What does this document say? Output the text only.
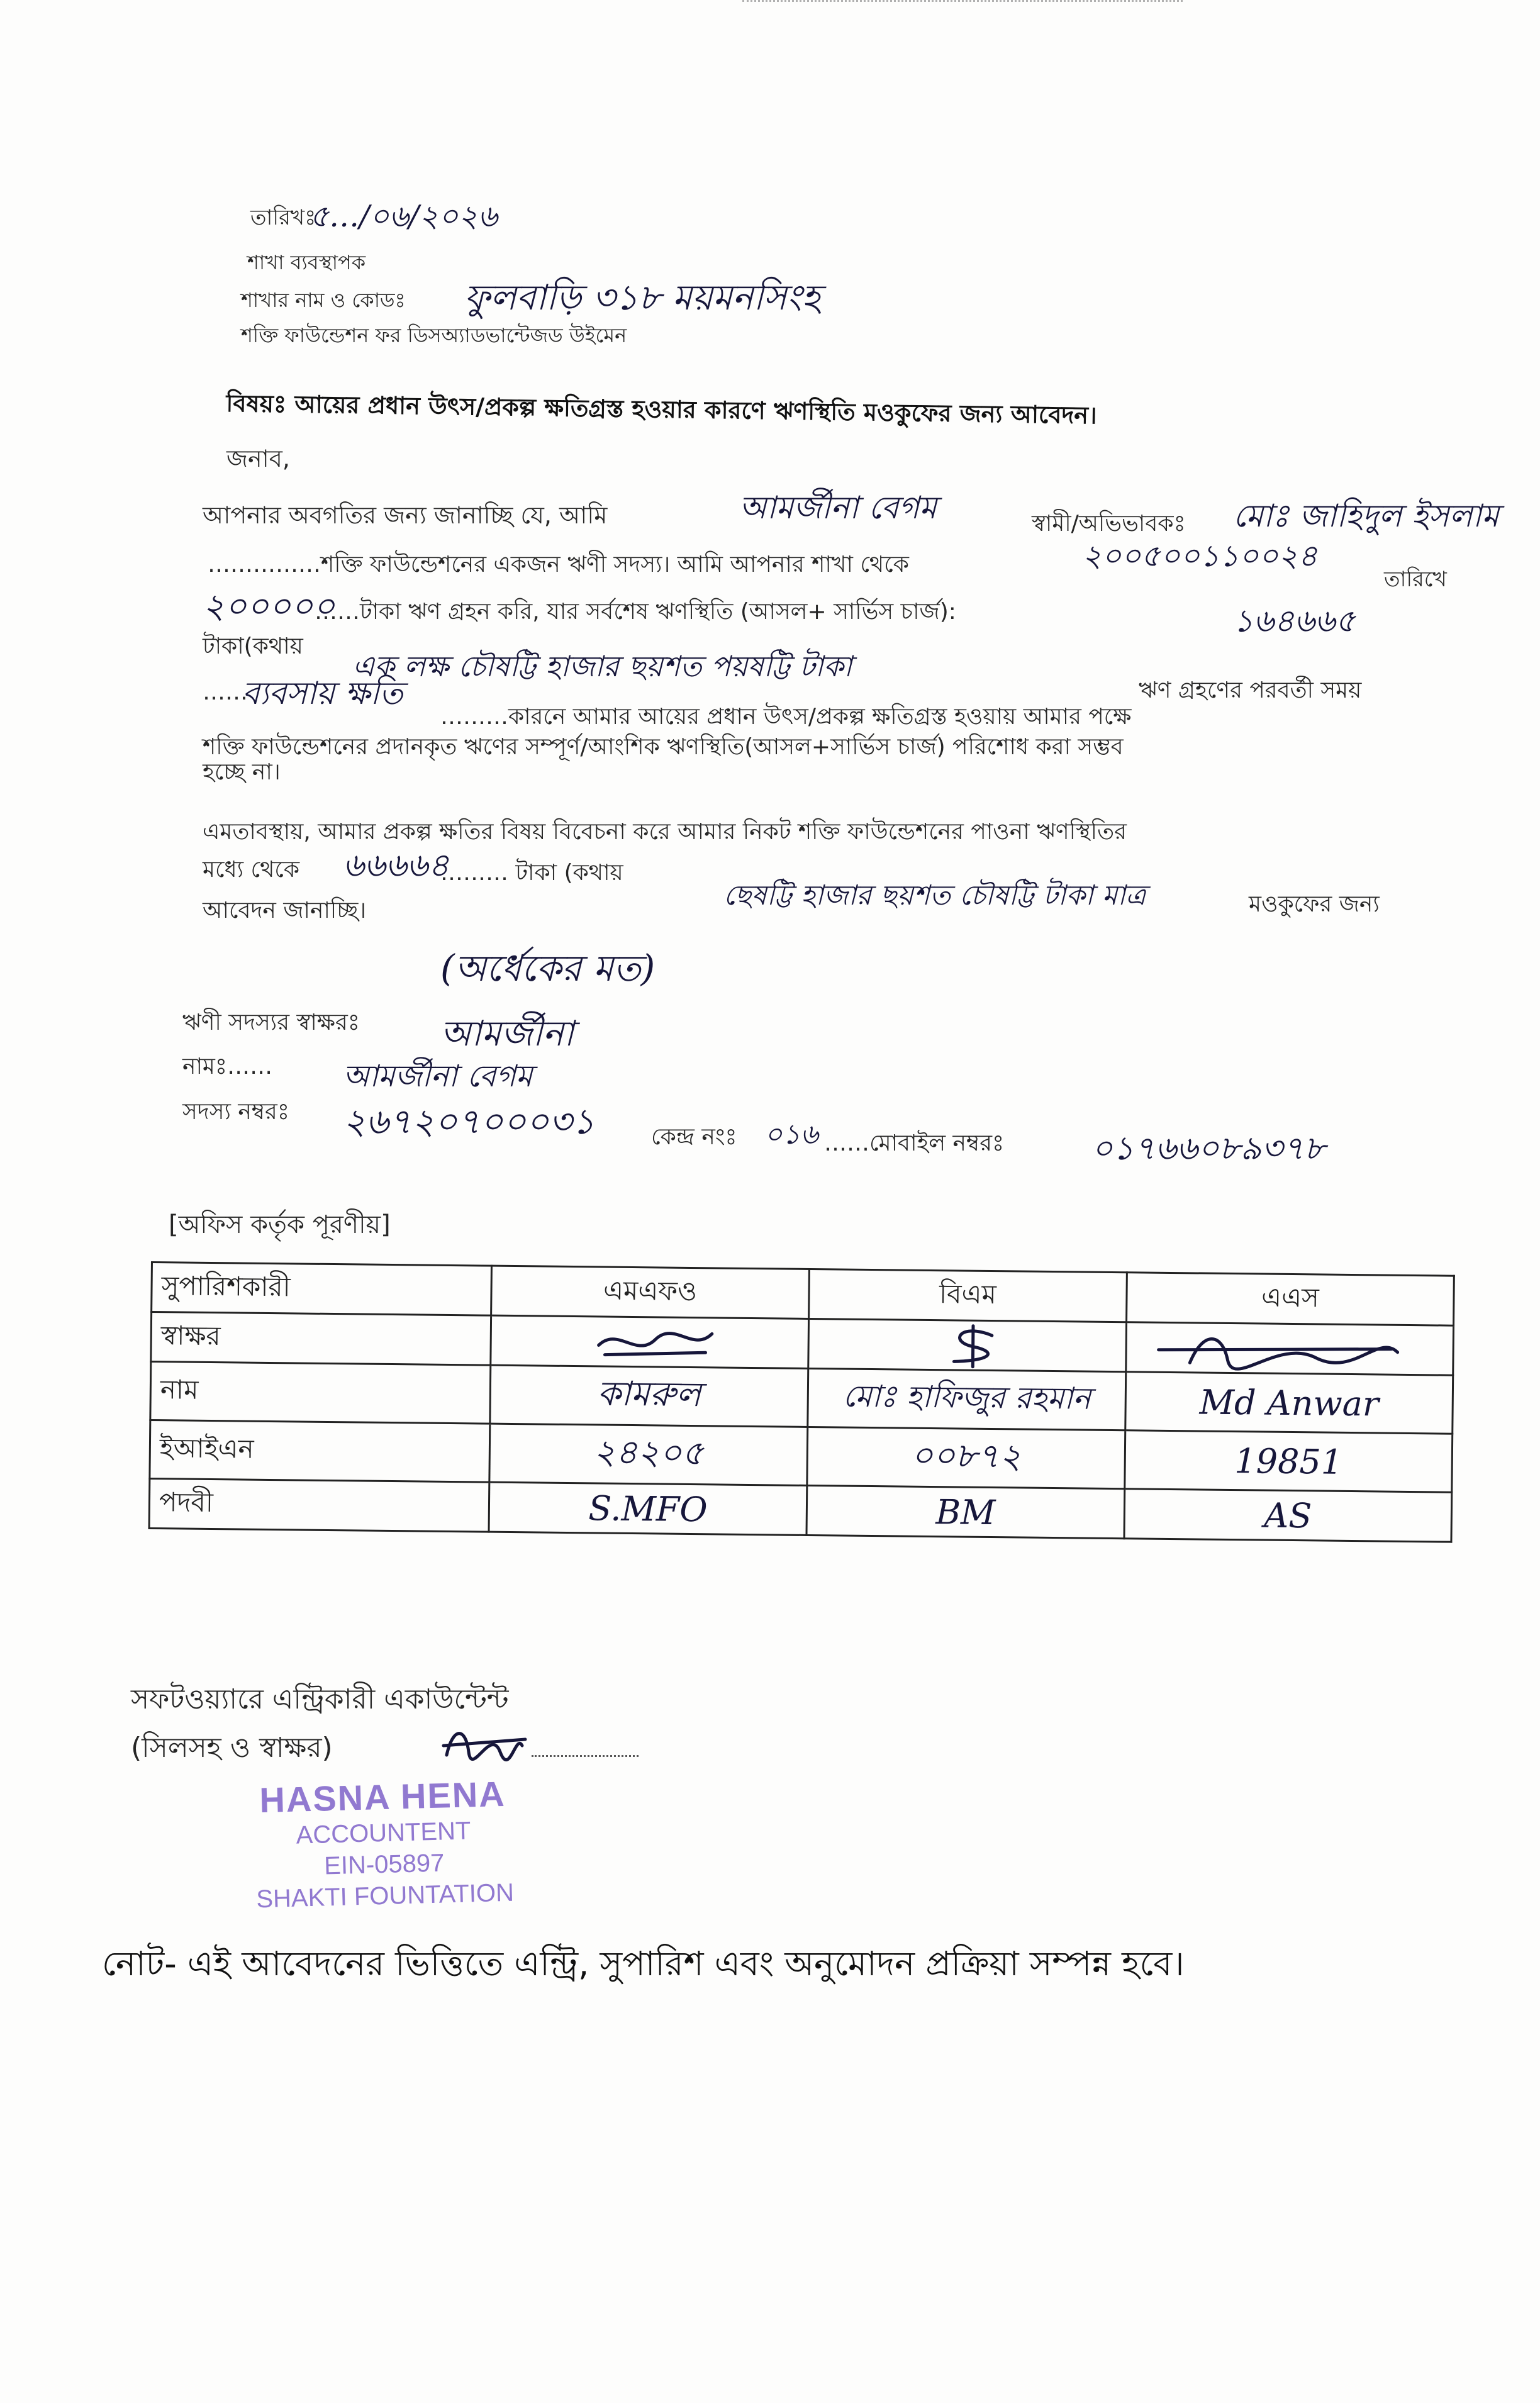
তারিখঃ
৫…/০৬/২০২৬
শাখা ব্যবস্থাপক
শাখার নাম ও কোডঃ ফুলবাড়ি ৩১৮ ময়মনসিংহ
শক্তি ফাউন্ডেশন ফর ডিসঅ্যাডভান্টেজড উইমেন
বিষয়ঃ আয়ের প্রধান উৎস/প্রকল্প ক্ষতিগ্রস্ত হওয়ার কারণে ঋণস্থিতি মওকুফের জন্য আবেদন।
জনাব,
আপনার অবগতির জন্য জানাচ্ছি যে, আমি	আমর্জীনা বেগম	স্বামী/অভিভাবকঃ মোঃ জাহিদুল ইসলাম
……………শক্তি ফাউন্ডেশনের একজন ঋণী সদস্য। আমি আপনার শাখা থেকে	২০০৫০০১১০০২৪
তারিখে
২০০০০০
……টাকা ঋণ গ্রহন করি, যার সর্বশেষ ঋণস্থিতি (আসল+ সার্ভিস চার্জ):	১৬৪৬৬৫
টাকা(কথায়
এক লক্ষ চৌষট্টি হাজার ছয়শত পয়ষট্টি টাকা
ঋণ গ্রহণের পরবর্তী সময়
……
ব্যবসায় ক্ষতি
………কারনে আমার আয়ের প্রধান উৎস/প্রকল্প ক্ষতিগ্রস্ত হওয়ায় আমার পক্ষে
শক্তি ফাউন্ডেশনের প্রদানকৃত ঋণের সম্পূর্ণ/আংশিক ঋণস্থিতি(আসল+সার্ভিস চার্জ) পরিশোধ করা সম্ভব
হচ্ছে না।
এমতাবস্থায়, আমার প্রকল্প ক্ষতির বিষয় বিবেচনা করে আমার নিকট শক্তি ফাউন্ডেশনের পাওনা ঋণস্থিতির
মধ্যে থেকে ৬৬৬৬৪
……… টাকা (কথায়
ছেষট্টি হাজার ছয়শত চৌষট্টি টাকা মাত্র	মওকুফের জন্য
আবেদন জানাচ্ছি।
(অর্ধেকের মত)
ঋণী সদস্যর স্বাক্ষরঃ আমর্জীনা
নামঃ…… আমর্জীনা বেগম
সদস্য নম্বরঃ ২৬৭২০৭০০০৩১ কেন্দ্র নংঃ ০১৬ ……মোবাইল নম্বরঃ	০১৭৬৬০৮৯৩৭৮
[অফিস কর্তৃক পূরণীয়]
সুপারিশকারী	এমএফও	বিএম	এএস
স্বাক্ষর	

নাম	কামরুল	মোঃ হাফিজুর রহমান	Md Anwar
ইআইএন	২৪২০৫	০০৮৭২	19851
পদবী	S.MFO	BM	AS
সফটওয়্যারে এন্ট্রিকারী একাউন্টেন্ট
(সিলসহ ও স্বাক্ষর)
HASNA HENA
ACCOUNTENT
EIN-05897
SHAKTI FOUNTATION
নোট- এই আবেদনের ভিত্তিতে এন্ট্রি, সুপারিশ এবং অনুমোদন প্রক্রিয়া সম্পন্ন হবে।
